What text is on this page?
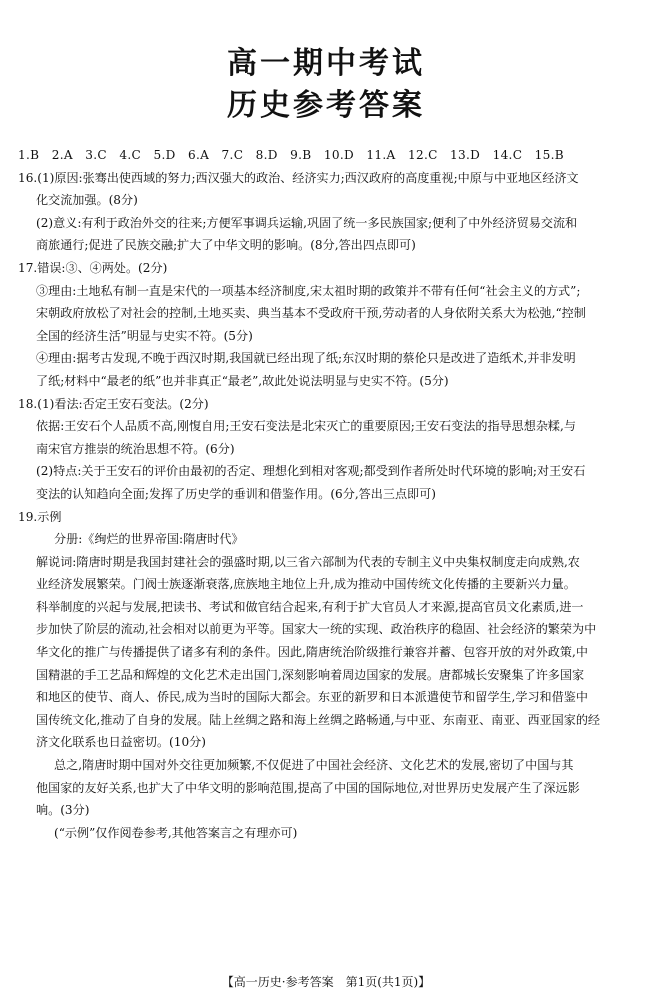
高一期中考试
历史参考答案
1.B　2.A　3.C　4.C　5.D　6.A　7.C　8.D　9.B　10.D　11.A　12.C　13.D　14.C　15.B
16.(1)原因:张骞出使西域的努力;西汉强大的政治、经济实力;西汉政府的高度重视;中原与中亚地区经济文
化交流加强。(8分)
(2)意义:有利于政治外交的往来;方便军事调兵运输,巩固了统一多民族国家;便利了中外经济贸易交流和
商旅通行;促进了民族交融;扩大了中华文明的影响。(8分,答出四点即可)
17.错误:③、④两处。(2分)
③理由:土地私有制一直是宋代的一项基本经济制度,宋太祖时期的政策并不带有任何“社会主义的方式”;
宋朝政府放松了对社会的控制,土地买卖、典当基本不受政府干预,劳动者的人身依附关系大为松弛,“控制
全国的经济生活”明显与史实不符。(5分)
④理由:据考古发现,不晚于西汉时期,我国就已经出现了纸;东汉时期的蔡伦只是改进了造纸术,并非发明
了纸;材料中“最老的纸”也并非真正“最老”,故此处说法明显与史实不符。(5分)
18.(1)看法:否定王安石变法。(2分)
依据:王安石个人品质不高,刚愎自用;王安石变法是北宋灭亡的重要原因;王安石变法的指导思想杂糅,与
南宋官方推崇的统治思想不符。(6分)
(2)特点:关于王安石的评价由最初的否定、理想化到相对客观;都受到作者所处时代环境的影响;对王安石
变法的认知趋向全面;发挥了历史学的垂训和借鉴作用。(6分,答出三点即可)
19.示例
分册:《绚烂的世界帝国:隋唐时代》
解说词:隋唐时期是我国封建社会的强盛时期,以三省六部制为代表的专制主义中央集权制度走向成熟,农
业经济发展繁荣。门阀士族逐渐衰落,庶族地主地位上升,成为推动中国传统文化传播的主要新兴力量。
科举制度的兴起与发展,把读书、考试和做官结合起来,有利于扩大官员人才来源,提高官员文化素质,进一
步加快了阶层的流动,社会相对以前更为平等。国家大一统的实现、政治秩序的稳固、社会经济的繁荣为中
华文化的推广与传播提供了诸多有利的条件。因此,隋唐统治阶级推行兼容并蓄、包容开放的对外政策,中
国精湛的手工艺品和辉煌的文化艺术走出国门,深刻影响着周边国家的发展。唐都城长安聚集了许多国家
和地区的使节、商人、侨民,成为当时的国际大都会。东亚的新罗和日本派遣使节和留学生,学习和借鉴中
国传统文化,推动了自身的发展。陆上丝绸之路和海上丝绸之路畅通,与中亚、东南亚、南亚、西亚国家的经
济文化联系也日益密切。(10分)
总之,隋唐时期中国对外交往更加频繁,不仅促进了中国社会经济、文化艺术的发展,密切了中国与其
他国家的友好关系,也扩大了中华文明的影响范围,提高了中国的国际地位,对世界历史发展产生了深远影
响。(3分)
(“示例”仅作阅卷参考,其他答案言之有理亦可)
【高一历史·参考答案　第1页(共1页)】
